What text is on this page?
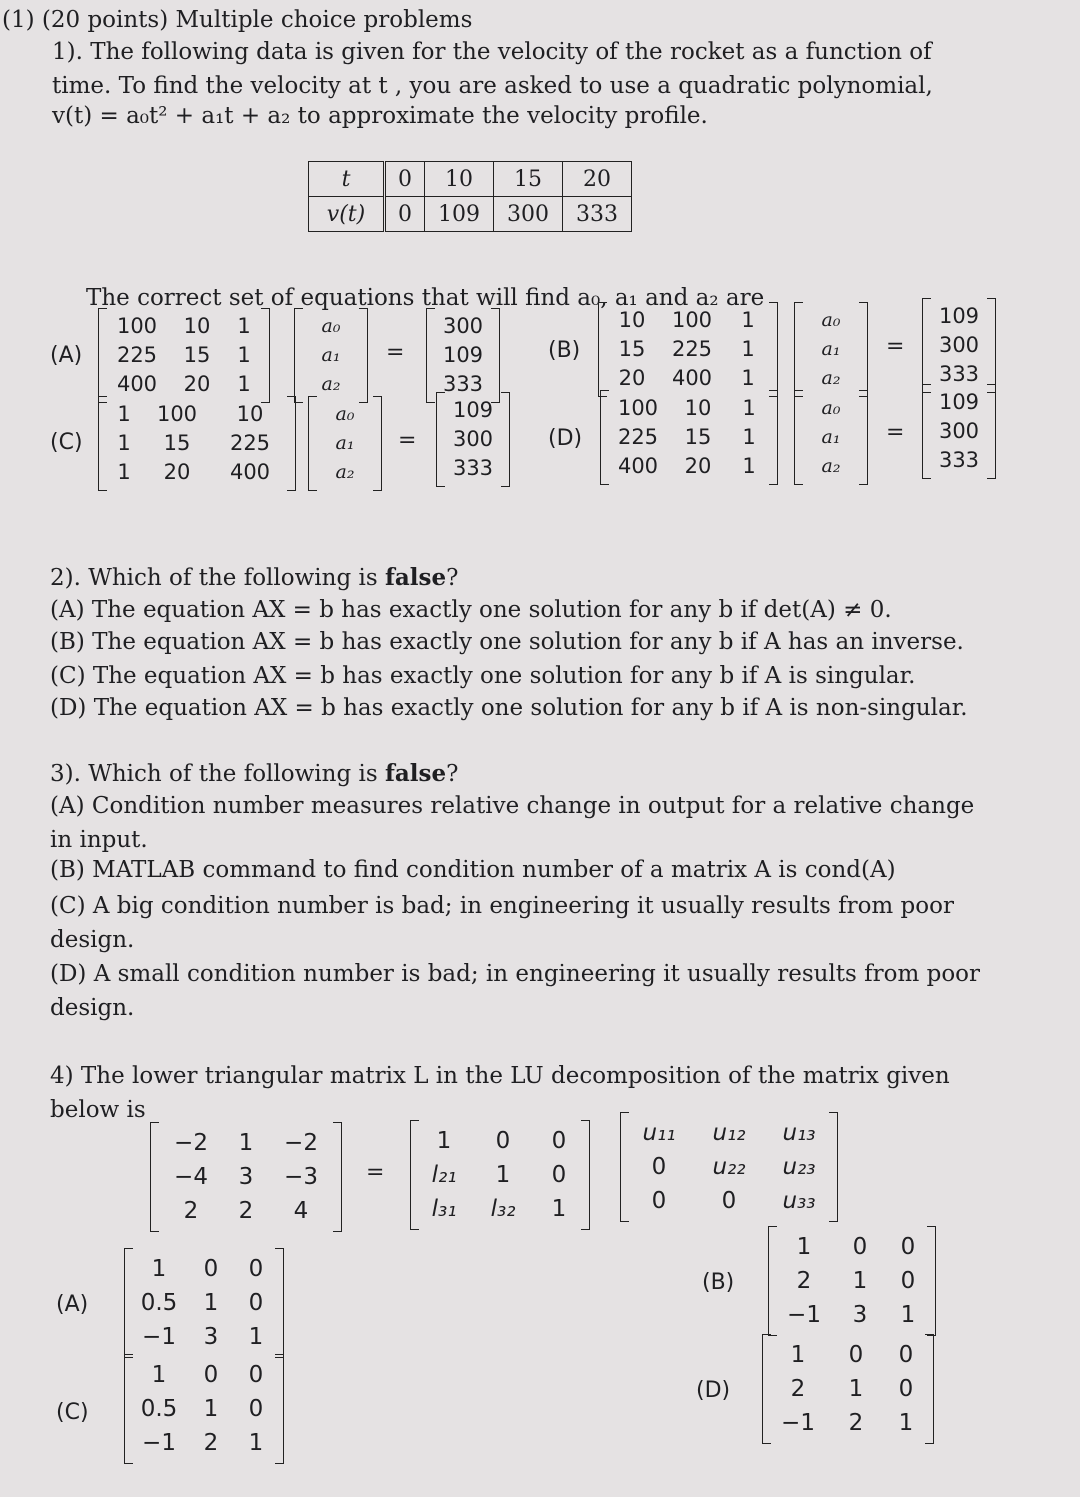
(1) (20 points) Multiple choice problems
1). The following data is given for the velocity of the rocket as a function of
time. To find the velocity at t , you are asked to use a quadratic polynomial,
v(t) = a₀t² + a₁t + a₂ to approximate the velocity profile.
t	0	10	15	20
v(t)	0	109	300	333
The correct set of equations that will find a₀, a₁ and a₂ are
(A)
100	10	1
225	15	1
400	20	1
a₀
a₁
a₂
=
300
109
333
(B)
10	100	1
15	225	1
20	400	1
a₀
a₁
a₂
=
109
300
333
(C)
1	100	10
1	15	225
1	20	400
a₀
a₁
a₂
=
109
300
333
(D)
100	10	1
225	15	1
400	20	1
a₀
a₁
a₂
=
109
300
333
2). Which of the following is false?
(A) The equation AX = b has exactly one solution for any b if det(A) ≠ 0.
(B) The equation AX = b has exactly one solution for any b if A has an inverse.
(C) The equation AX = b has exactly one solution for any b if A is singular.
(D) The equation AX = b has exactly one solution for any b if A is non-singular.
3). Which of the following is false?
(A) Condition number measures relative change in output for a relative change
in input.
(B) MATLAB command to find condition number of a matrix A is cond(A)
(C) A big condition number is bad; in engineering it usually results from poor
design.
(D) A small condition number is bad; in engineering it usually results from poor
design.
4) The lower triangular matrix L in the LU decomposition of the matrix given
below is
−2	1	−2
−4	3	−3
2	2	4
=
1	0	0
l₂₁	1	0
l₃₁	l₃₂	1
u₁₁	u₁₂	u₁₃
0	u₂₂	u₂₃
0	0	u₃₃
(A)
1	0	0
0.5	1	0
−1	3	1
(B)
1	0	0
2	1	0
−1	3	1
(C)
1	0	0
0.5	1	0
−1	2	1
(D)
1	0	0
2	1	0
−1	2	1
